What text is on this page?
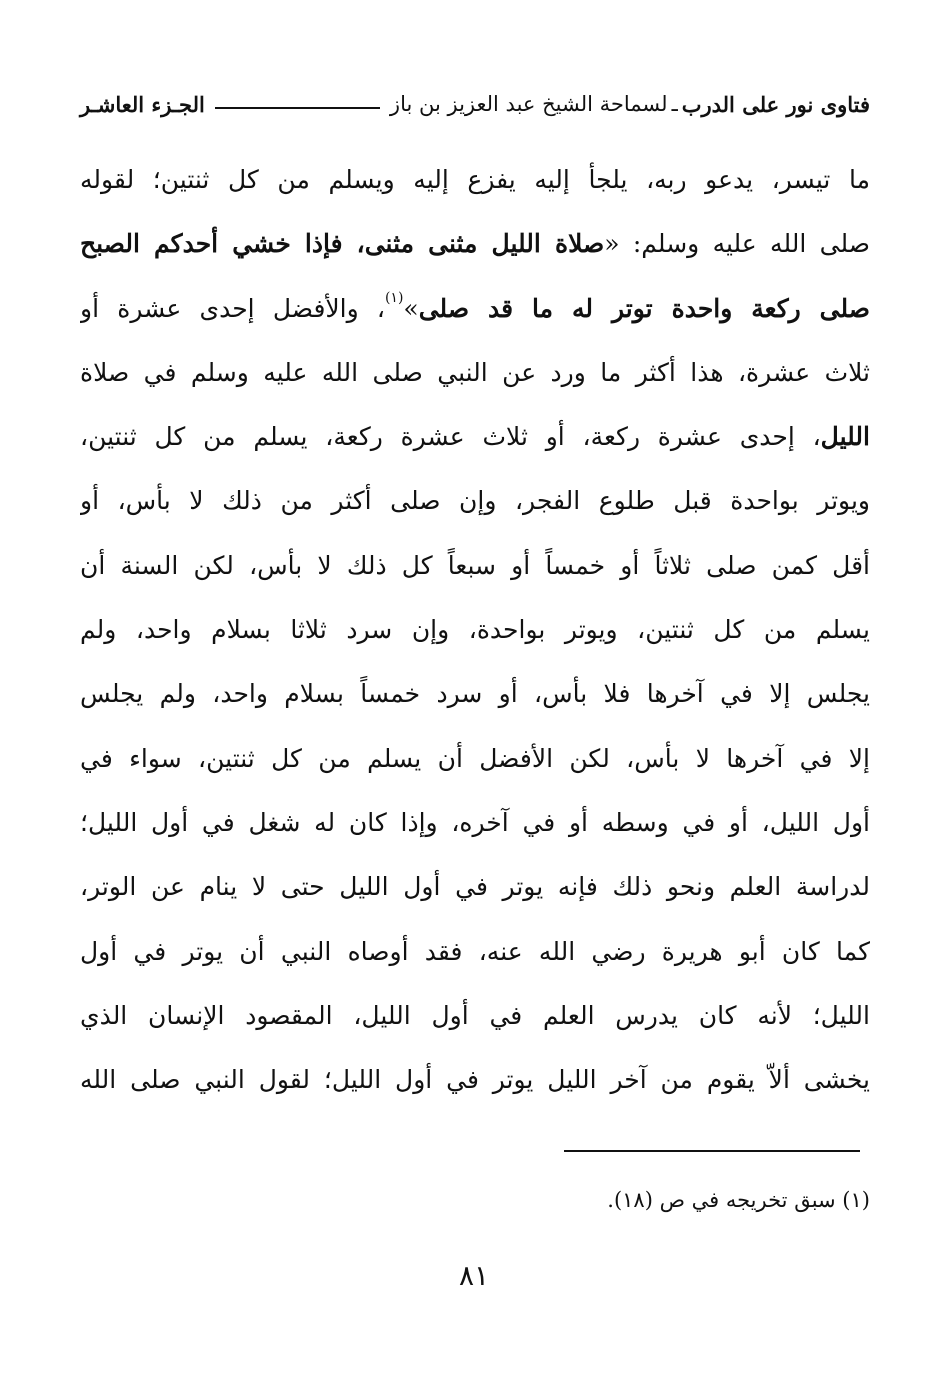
فتاوى نور على الدرب
ـ
لسماحة الشيخ عبد العزيز بن باز
الجـزء العاشـر
ما تيسر، يدعو ربه، يلجأ إليه يفزع إليه ويسلم من كل ثنتين؛ لقوله
صلى الله عليه وسلم: «صلاة الليل مثنى مثنى، فإذا خشي أحدكم الصبح
صلى ركعة واحدة توتر له ما قد صلى»$^{(١)}$، والأفضل إحدى عشرة أو
ثلاث عشرة، هذا أكثر ما ورد عن النبي صلى الله عليه وسلم في صلاة
الليل، إحدى عشرة ركعة، أو ثلاث عشرة ركعة، يسلم من كل ثنتين،
ويوتر بواحدة قبل طلوع الفجر، وإن صلى أكثر من ذلك لا بأس، أو
أقل كمن صلى ثلاثاً أو خمساً أو سبعاً كل ذلك لا بأس، لكن السنة أن
يسلم من كل ثنتين، ويوتر بواحدة، وإن سرد ثلاثا بسلام واحد، ولم
يجلس إلا في آخرها فلا بأس، أو سرد خمساً بسلام واحد، ولم يجلس
إلا في آخرها لا بأس، لكن الأفضل أن يسلم من كل ثنتين، سواء في
أول الليل، أو في وسطه أو في آخره، وإذا كان له شغل في أول الليل؛
لدراسة العلم ونحو ذلك فإنه يوتر في أول الليل حتى لا ينام عن الوتر،
كما كان أبو هريرة رضي الله عنه، فقد أوصاه النبي أن يوتر في أول
الليل؛ لأنه كان يدرس العلم في أول الليل، المقصود الإنسان الذي
يخشى ألاّ يقوم من آخر الليل يوتر في أول الليل؛ لقول النبي صلى الله
(١) سبق تخريجه في ص (١٨).
٨١
